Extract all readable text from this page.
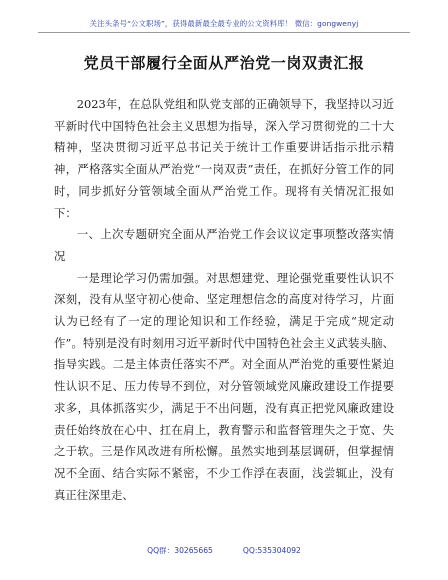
关注头条号“公文职场”，获得最新最全最专业的公文资料库！ 微信：gongwenyj
党员干部履行全面从严治党一岗双责汇报

2023年，在总队党组和队党支部的正确领导下，我坚持以习近平新时代中国特色社会主义思想为指导，深入学习贯彻党的二十大精神，坚决贯彻习近平总书记关于统计工作重要讲话指示批示精神，严格落实全面从严治党“一岗双责”责任，在抓好分管工作的同时，同步抓好分管领域全面从严治党工作。现将有关情况汇报如下：

一、上次专题研究全面从严治党工作会议议定事项整改落实情况

一是理论学习仍需加强。对思想建党、理论强党重要性认识不深刻，没有从坚守初心使命、坚定理想信念的高度对待学习，片面认为已经有了一定的理论知识和工作经验，满足于完成“规定动作”。特别是没有时刻用习近平新时代中国特色社会主义武装头脑、指导实践。二是主体责任落实不严。对全面从严治党的重要性紧迫性认识不足、压力传导不到位，对分管领域党风廉政建设工作提要求多，具体抓落实少，满足于不出问题，没有真正把党风廉政建设责任始终放在心中、扛在肩上，教育警示和监督管理失之于宽、失之于软。三是作风改进有所松懈。虽然实地到基层调研，但掌握情况不全面、结合实际不紧密，不少工作浮在表面，浅尝辄止，没有真正往深里走、

QQ群：30265665	QQ:535304092
